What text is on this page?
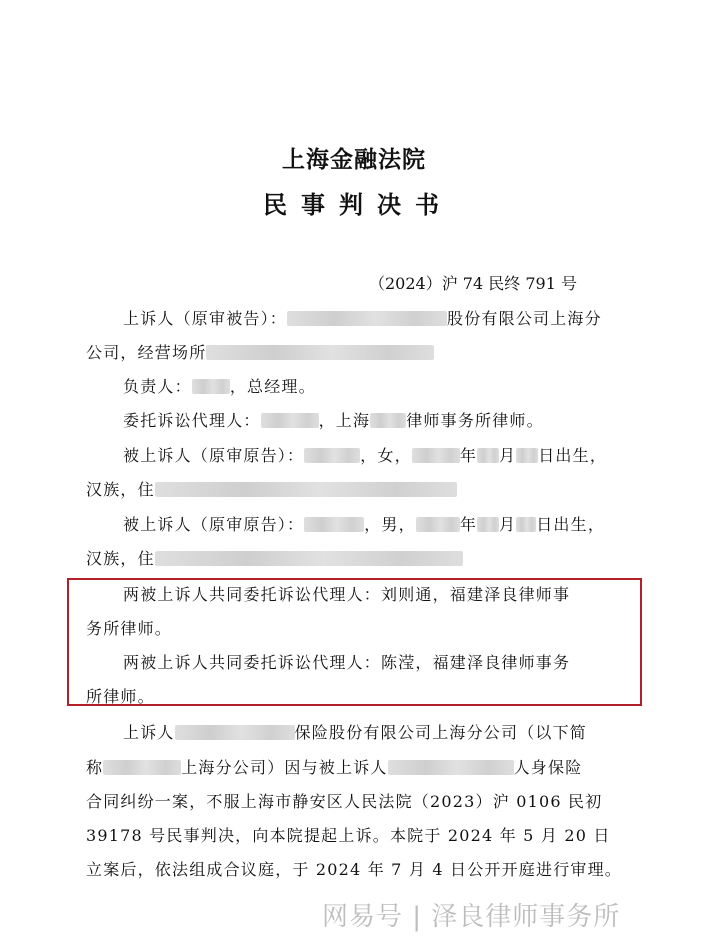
上海金融法院
民事判决书
（2024）沪 74 民终 791 号
上诉人（原审被告）：	股份有限公司上海分
公司，经营场所
负责人： ，总经理。
委托诉讼代理人：	，上海 律师事务所律师。
被上诉人（原审原告）：	，女，	年 月 日出生，
汉族，住
被上诉人（原审原告）：	，男，	年 月 日出生，
汉族，住
两被上诉人共同委托诉讼代理人：刘则通，福建泽良律师事
务所律师。
两被上诉人共同委托诉讼代理人：陈滢，福建泽良律师事务
所律师。
上诉人	保险股份有限公司上海分公司（以下简
称	上海分公司）因与被上诉人	人身保险
合同纠纷一案，不服上海市静安区人民法院（2023）沪 0106 民初
39178 号民事判决，向本院提起上诉。本院于 2024 年 5 月 20 日
立案后，依法组成合议庭，于 2024 年 7 月 4 日公开开庭进行审理。
网易号 | 泽良律师事务所
